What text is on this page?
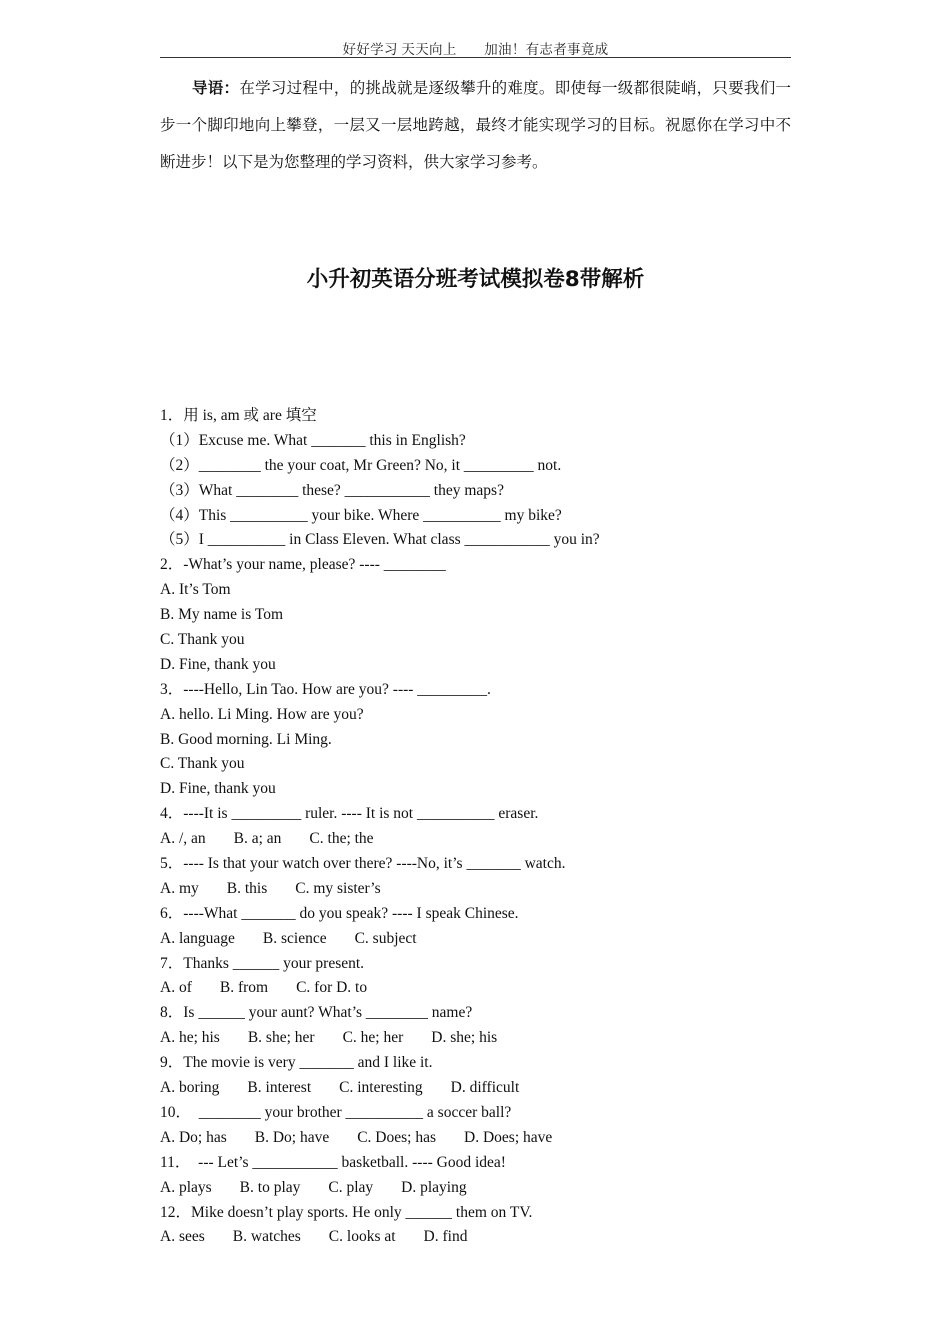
好好学习 天天向上　　加油！有志者事竟成
导语：在学习过程中，的挑战就是逐级攀升的难度。即使每一级都很陡峭，只要我们一步一个脚印地向上攀登，一层又一层地跨越，最终才能实现学习的目标。祝愿你在学习中不断进步！以下是为您整理的学习资料，供大家学习参考。
小升初英语分班考试模拟卷8带解析
1．用 is, am 或 are 填空
（1）Excuse me. What _______ this in English?
（2）________ the your coat, Mr Green? No, it _________ not.
（3）What ________ these? ___________ they maps?
（4）This __________ your bike. Where __________ my bike?
（5）I __________ in Class Eleven. What class ___________ you in?
2．-What’s your name, please? ---- ________
A. It’s Tom
B. My name is Tom
C. Thank you
D. Fine, thank you
3．----Hello, Lin Tao. How are you? ---- _________.
A. hello. Li Ming. How are you?
B. Good morning. Li Ming.
C. Thank you
D. Fine, thank you
4．----It is _________ ruler. ---- It is not __________ eraser.
A. /, an B. a; an C. the; the
5．---- Is that your watch over there? ----No, it’s _______ watch.
A. my B. this C. my sister’s
6．----What _______ do you speak? ---- I speak Chinese.
A. language B. science C. subject
7．Thanks ______ your present.
A. of B. from C. for D. to
8．Is ______ your aunt? What’s ________ name?
A. he; his B. she; her C. he; her D. she; his
9．The movie is very _______ and I like it.
A. boring B. interest C. interesting D. difficult
10．　________ your brother __________ a soccer ball?
A. Do; has B. Do; have C. Does; has D. Does; have
11．　--- Let’s ___________ basketball. ---- Good idea!
A. plays B. to play C. play D. playing
12．Mike doesn’t play sports. He only ______ them on TV.
A. sees B. watches C. looks at D. find
